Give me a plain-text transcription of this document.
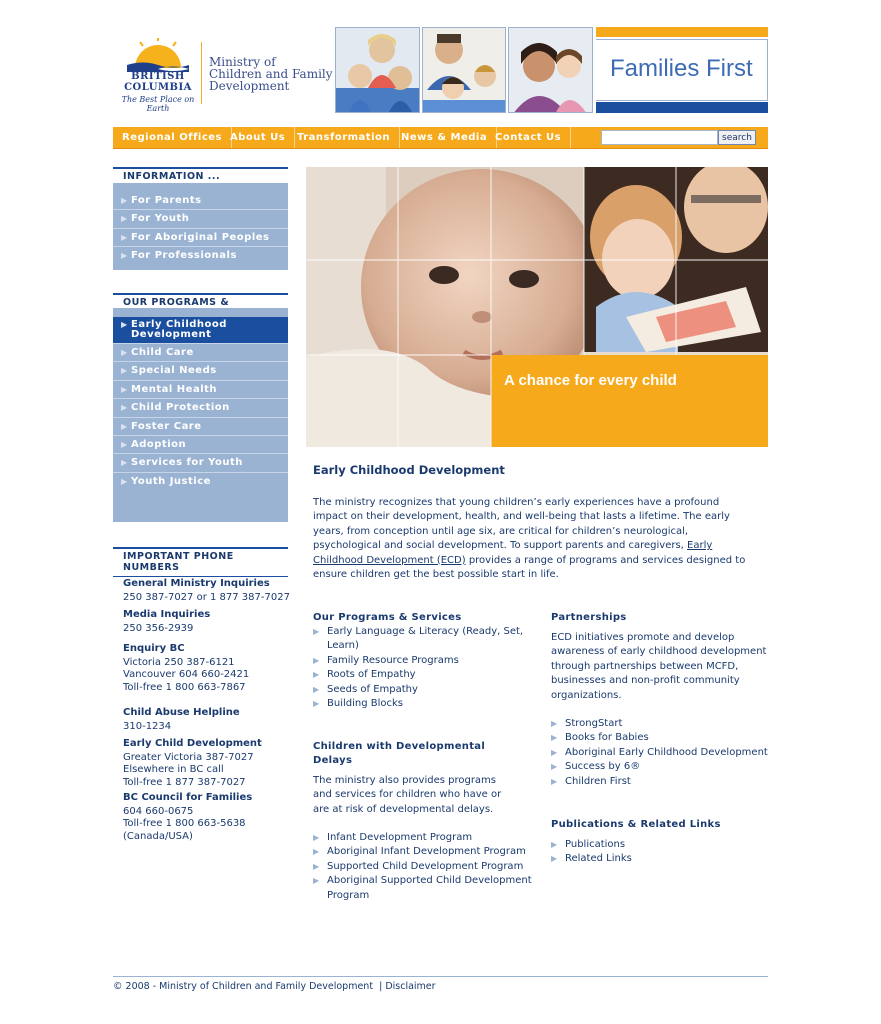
BRITISH
COLUMBIA
The Best Place on Earth
Ministry of
Children and Family
Development
Families First
Regional Offices About Us	Transformation	News & Media Contact Us	search
INFORMATION ...
▶ For Parents
▶ For Youth
▶ For Aboriginal Peoples
▶ For Professionals
OUR PROGRAMS &
▶ Early Childhood Development
▶ Child Care
▶ Special Needs
▶ Mental Health
▶ Child Protection
▶ Foster Care
▶ Adoption
▶ Services for Youth
▶ Youth Justice
IMPORTANT PHONE NUMBERS
General Ministry Inquiries
250 387-7027 or 1 877 387-7027
Media Inquiries
250 356-2939
Enquiry BC
Victoria 250 387-6121
Vancouver 604 660-2421
Toll-free 1 800 663-7867
Child Abuse Helpline
310-1234
Early Child Development
Greater Victoria 387-7027
Elsewhere in BC call
Toll-free 1 877 387-7027
BC Council for Families
604 660-0675
Toll-free 1 800 663-5638
(Canada/USA)
A chance for every child
Early Childhood Development

The ministry recognizes that young children’s early experiences have a profound impact on their development, health, and well-being that lasts a lifetime. The early years, from conception until age six, are critical for children’s neurological, psychological and social development. To support parents and caregivers, Early Childhood Development (ECD) provides a range of programs and services designed to ensure children get the best possible start in life.

Our Programs & Services
▶ Early Language & Literacy (Ready, Set, Learn)
▶ Family Resource Programs
▶ Roots of Empathy
▶ Seeds of Empathy
▶ Building Blocks
Children with Developmental Delays

The ministry also provides programs and services for children who have or are at risk of developmental delays.

▶ Infant Development Program
▶ Aboriginal Infant Development Program
▶ Supported Child Development Program
▶ Aboriginal Supported Child Development Program
Partnerships

ECD initiatives promote and develop awareness of early childhood development through partnerships between MCFD, businesses and non-profit community organizations.

▶ StrongStart
▶ Books for Babies
▶ Aboriginal Early Childhood Development
▶ Success by 6®
▶ Children First
Publications & Related Links
▶ Publications
▶ Related Links
© 2008 - Ministry of Children and Family Development | Disclaimer
